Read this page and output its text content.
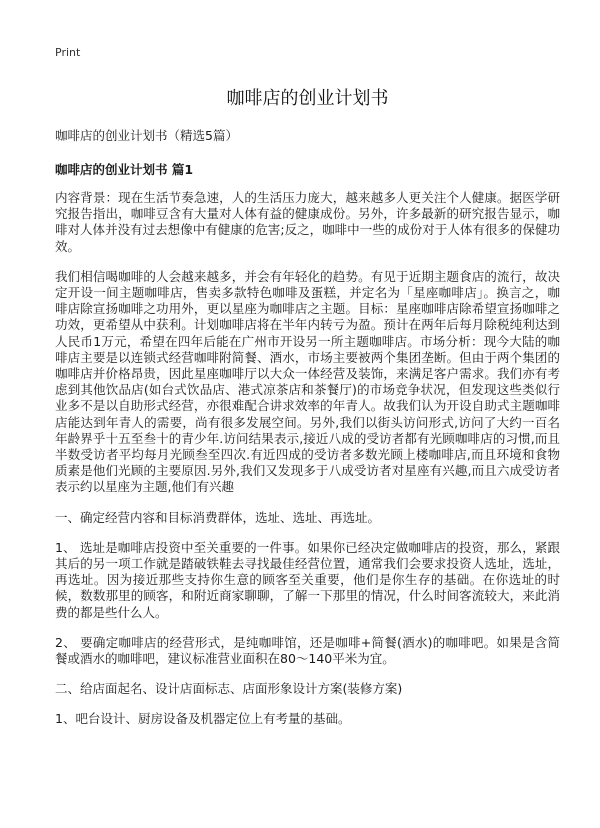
Print
咖啡店的创业计划书
咖啡店的创业计划书（精选5篇）
咖啡店的创业计划书 篇1

内容背景：现在生活节奏急速，人的生活压力庞大，越来越多人更关注个人健康。据医学研究报告指出，咖啡豆含有大量对人体有益的健康成份。另外，许多最新的研究报告显示，咖啡对人体并没有过去想像中有健康的危害;反之，咖啡中一些的成份对于人体有很多的保健功效。

我们相信喝咖啡的人会越来越多，并会有年轻化的趋势。有见于近期主题食店的流行，故决定开设一间主题咖啡店，售卖多款特色咖啡及蛋糕，并定名为「星座咖啡店」。换言之，咖啡店除宣扬咖啡之功用外，更以星座为咖啡店之主题。目标：星座咖啡店除希望宣扬咖啡之功效，更希望从中获利。计划咖啡店将在半年内转亏为盈。预计在两年后每月除税纯利达到人民币1万元，希望在四年后能在广州市开设另一所主题咖啡店。市场分析：现今大陆的咖啡店主要是以连锁式经营咖啡附简餐、酒水，市场主要被两个集团垄断。但由于两个集团的咖啡店并价格昂贵，因此星座咖啡厅以大众一体经营及装饰，来满足客户需求。我们亦有考虑到其他饮品店(如台式饮品店、港式凉茶店和茶餐厅)的市场竞争状况，但发现这些类似行业多不是以自助形式经营，亦很难配合讲求效率的年青人。故我们认为开设自助式主题咖啡店能达到年青人的需要，尚有很多发展空间。另外,我们以街头访问形式,访问了大约一百名年龄界乎十五至叁十的青少年.访问结果表示,接近八成的受访者都有光顾咖啡店的习惯,而且半数受访者平均每月光顾叁至四次.有近四成的受访者多数光顾上楼咖啡店,而且环境和食物质素是他们光顾的主要原因.另外,我们又发现多于八成受访者对星座有兴趣,而且六成受访者表示约以星座为主题,他们有兴趣

一、确定经营内容和目标消费群体，选址、选址、再选址。

1、 选址是咖啡店投资中至关重要的一件事。如果你已经决定做咖啡店的投资，那么，紧跟其后的另一项工作就是踏破铁鞋去寻找最佳经营位置，通常我们会要求投资人选址，选址，再选址。因为接近那些支持你生意的顾客至关重要，他们是你生存的基础。在你选址的时候，数数那里的顾客，和附近商家聊聊，了解一下那里的情况，什么时间客流较大，来此消费的都是些什么人。

2、 要确定咖啡店的经营形式，是纯咖啡馆，还是咖啡+简餐(酒水)的咖啡吧。如果是含简餐或酒水的咖啡吧，建议标准营业面积在80～140平米为宜。

二、给店面起名、设计店面标志、店面形象设计方案(装修方案)

1、吧台设计、厨房设备及机器定位上有考量的基础。
